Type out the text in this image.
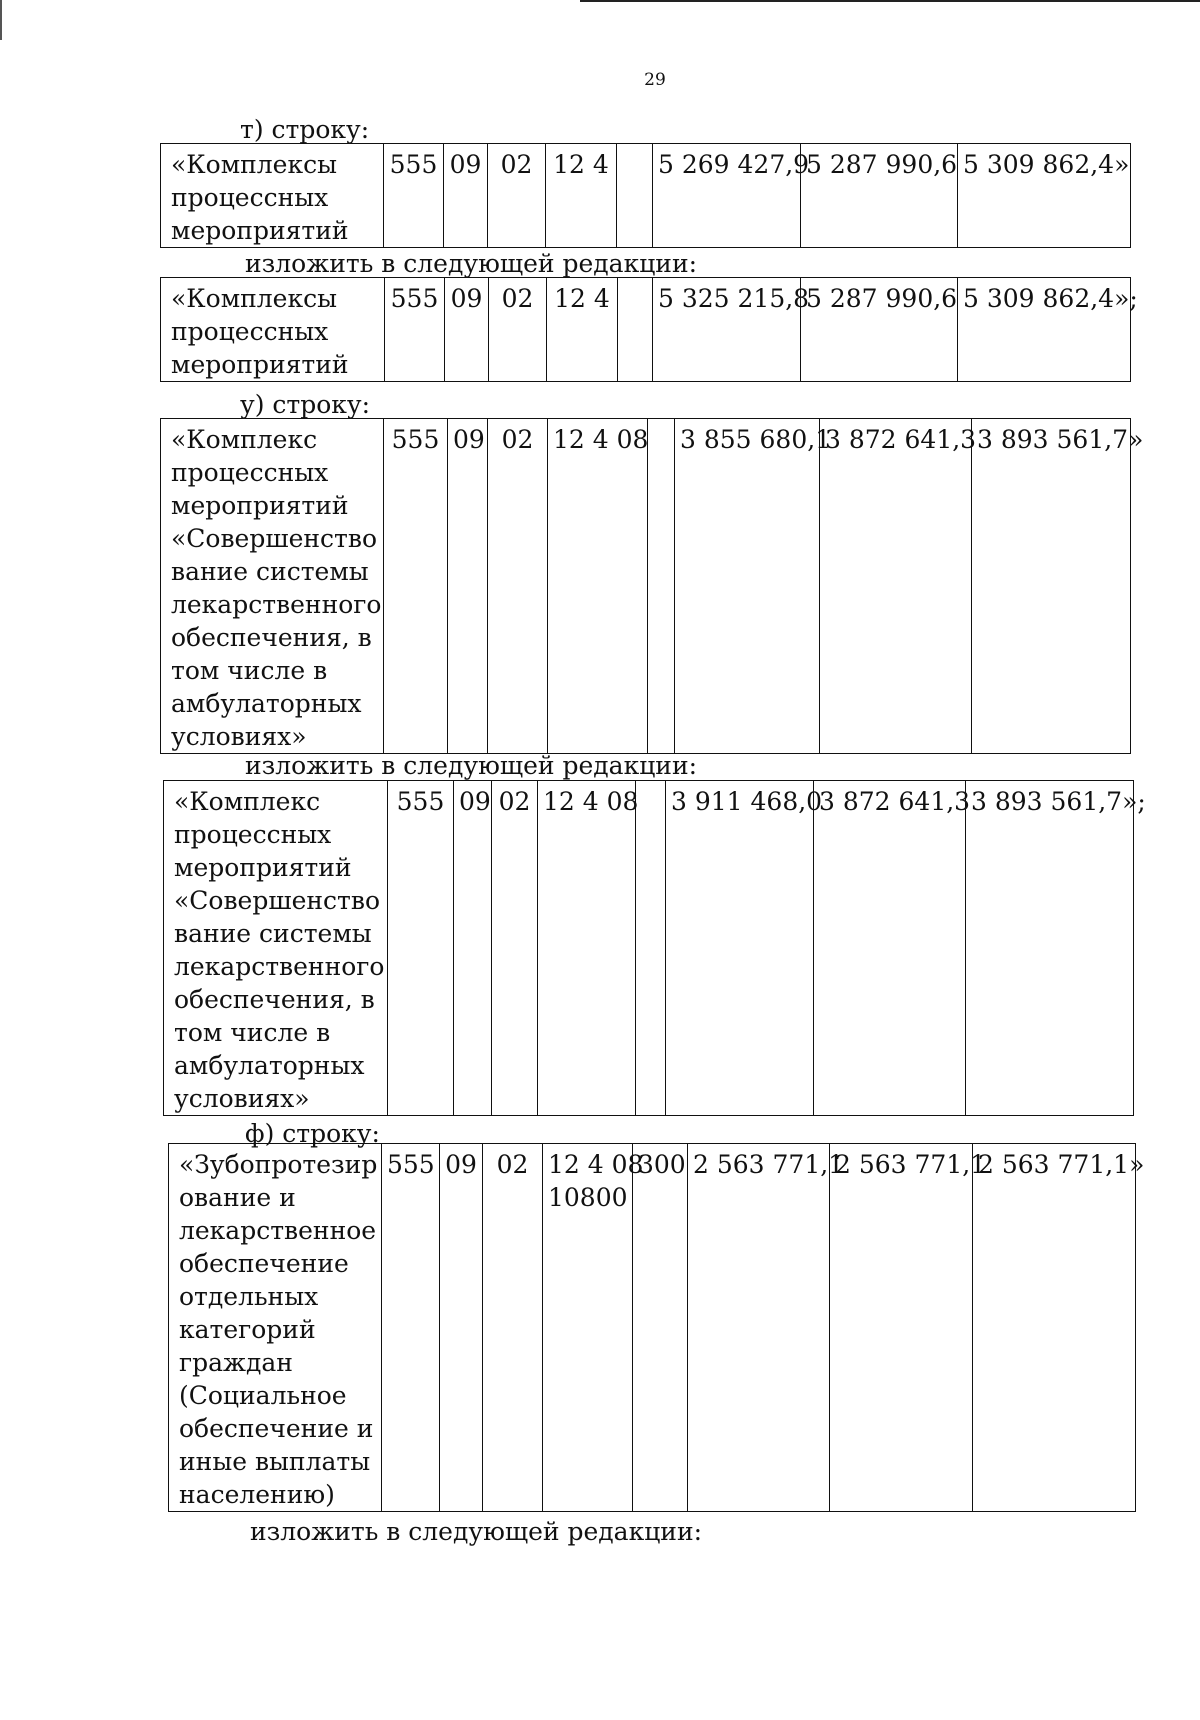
29
т) строку:
«Комплексы процессных мероприятий	555	09	02	12 4		5 269 427,9	5 287 990,6	5 309 862,4»
изложить в следующей редакции:
«Комплексы процессных мероприятий	555	09	02	12 4		5 325 215,8	5 287 990,6	5 309 862,4»;
у) строку:
«Комплекс процессных мероприятий «Совершенство вание системы лекарственного обеспечения, в том числе в амбулаторных условиях»	555	09	02	12 4 08		3 855 680,1	3 872 641,3	3 893 561,7»
изложить в следующей редакции:
«Комплекс процессных мероприятий «Совершенство вание системы лекарственного обеспечения, в том числе в амбулаторных условиях»	555	09	02	12 4 08		3 911 468,0	3 872 641,3	3 893 561,7»;
ф) строку:
«Зубопротезир ование и лекарственное обеспечение отдельных категорий граждан (Социальное обеспечение и иные выплаты населению)	555	09	02	12 4 08
10800
	300	2 563 771,1	2 563 771,1	2 563 771,1»
изложить в следующей редакции:
